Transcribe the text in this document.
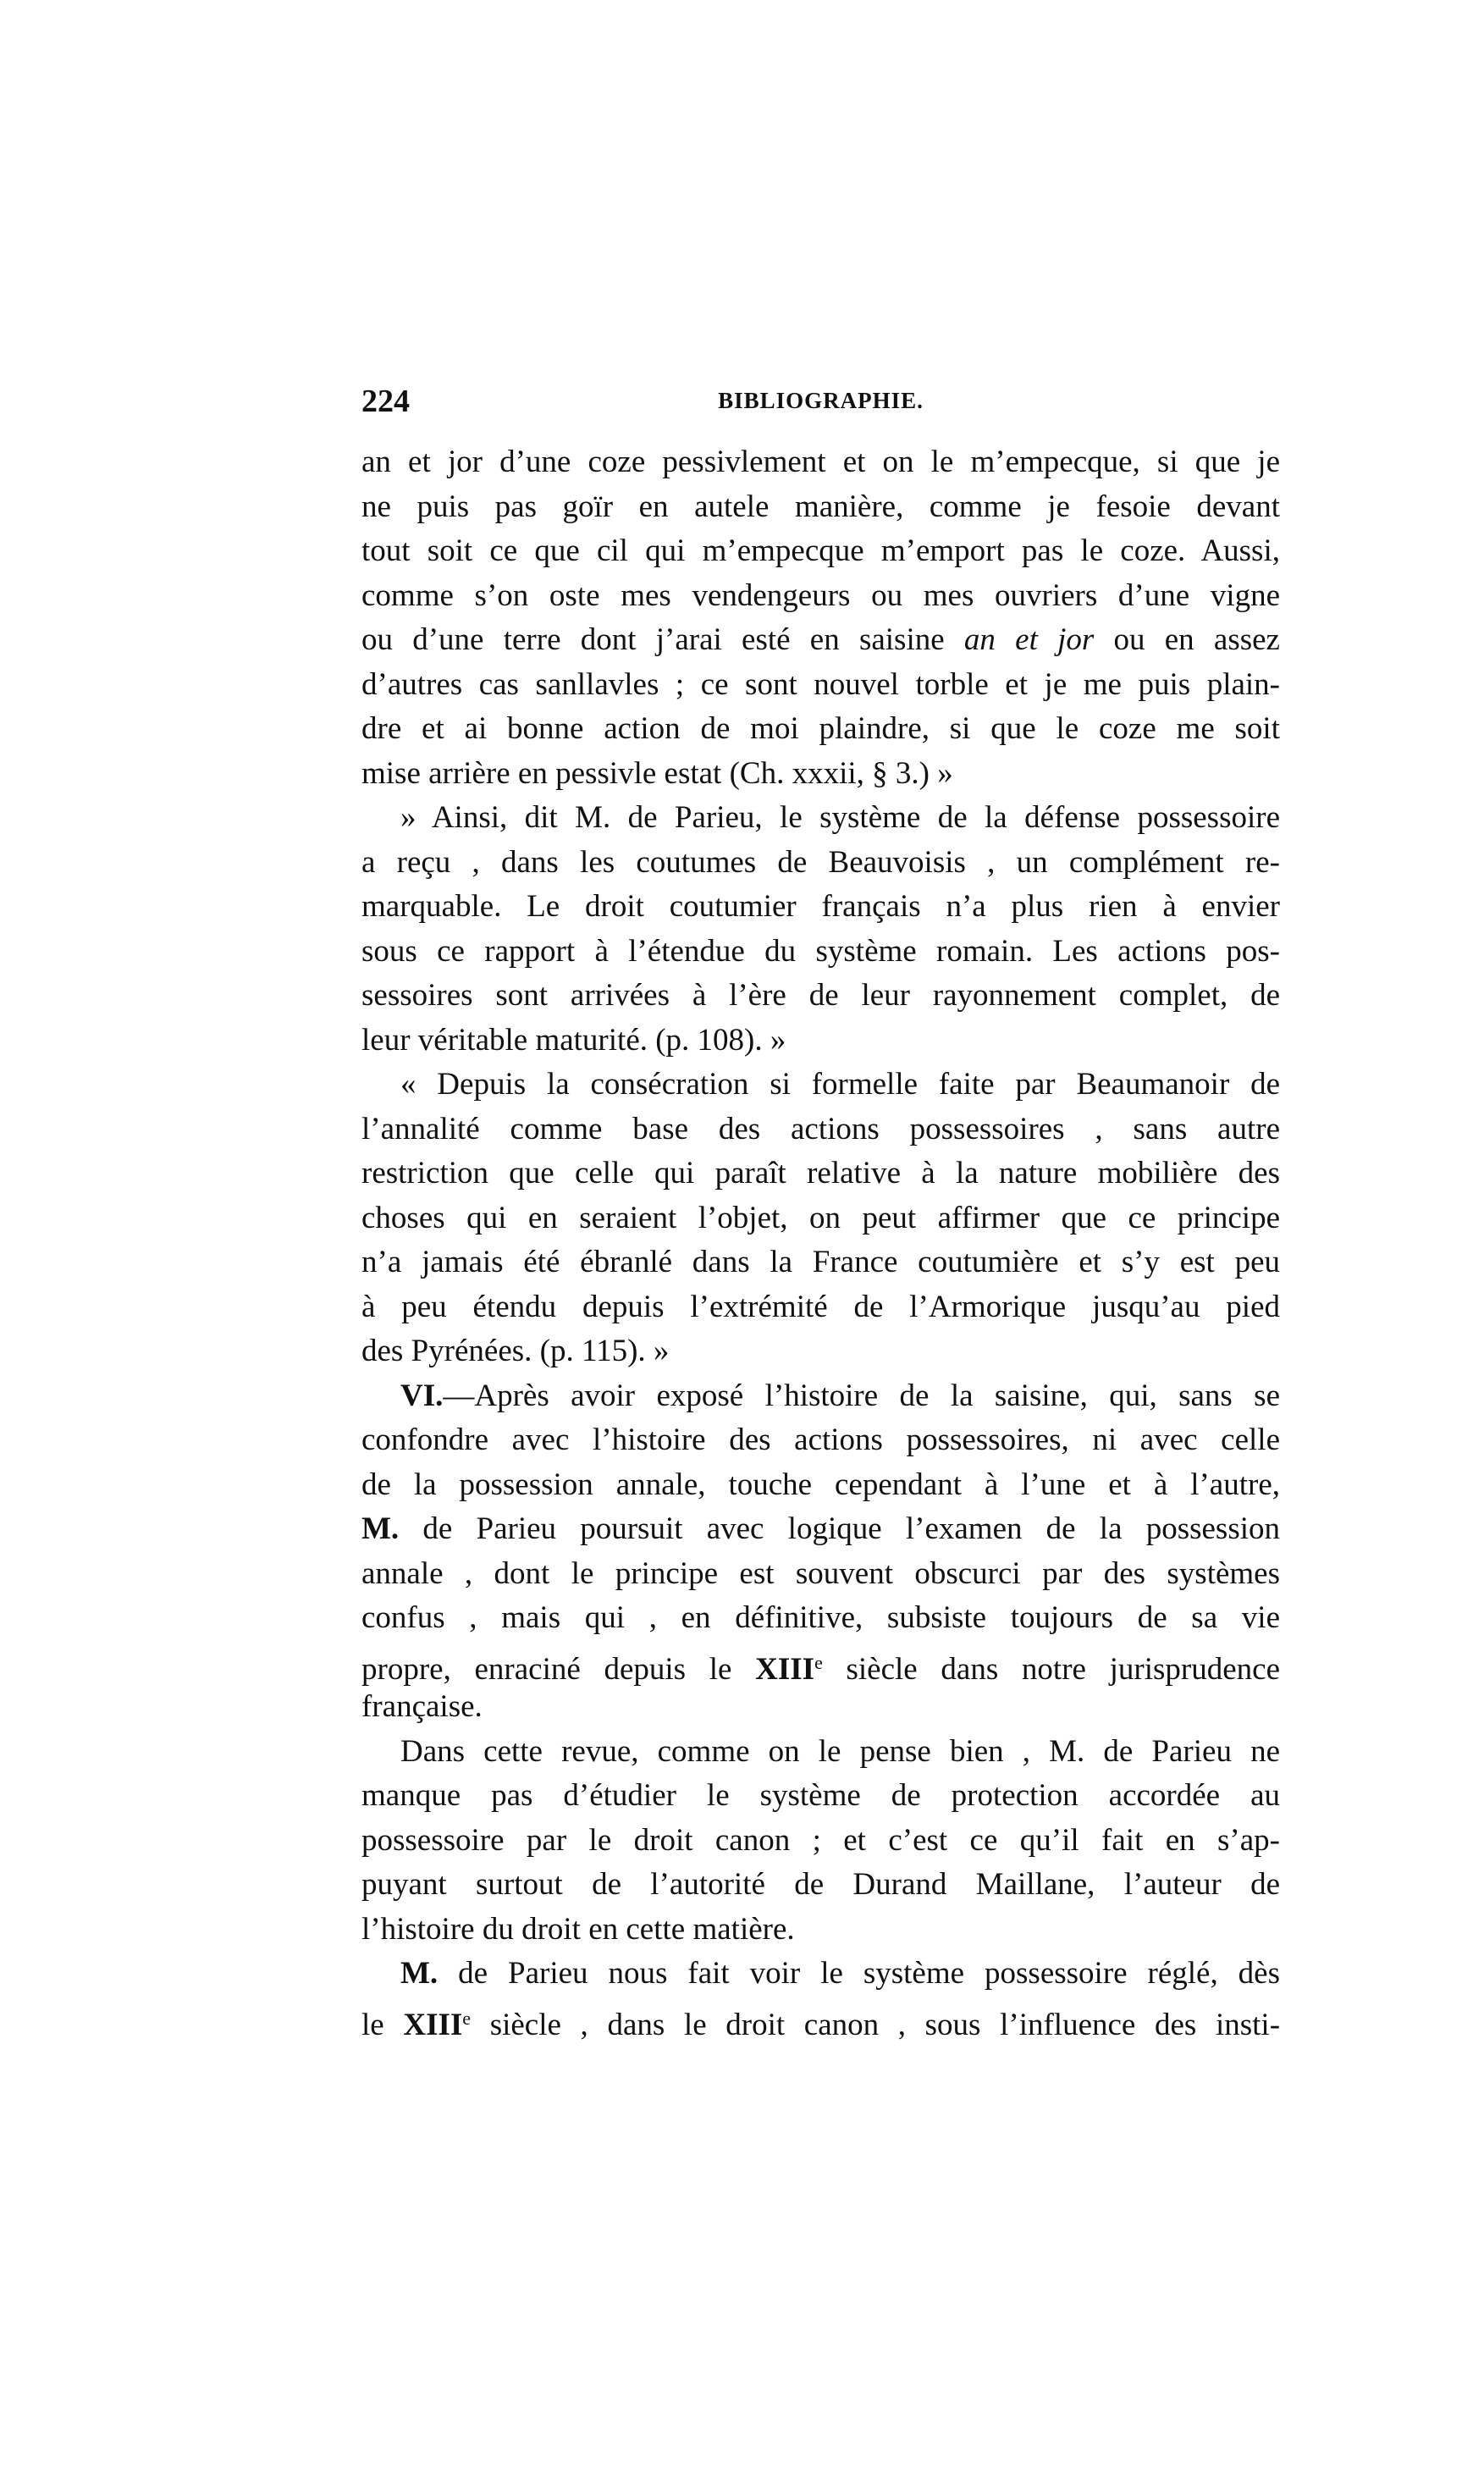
224	BIBLIOGRAPHIE.
an et jor d’une coze pessivlement et on le m’empecque, si que je
ne puis pas goïr en autele manière, comme je fesoie devant
tout soit ce que cil qui m’empecque m’emport pas le coze. Aussi,
comme s’on oste mes vendengeurs ou mes ouvriers d’une vigne
ou d’une terre dont j’arai esté en saisine an et jor ou en assez
d’autres cas sanllavles ; ce sont nouvel torble et je me puis plain-
dre et ai bonne action de moi plaindre, si que le coze me soit
mise arrière en pessivle estat (Ch. xxxii, § 3.) »
» Ainsi, dit M. de Parieu, le système de la défense possessoire
a reçu , dans les coutumes de Beauvoisis , un complément re-
marquable. Le droit coutumier français n’a plus rien à envier
sous ce rapport à l’étendue du système romain. Les actions pos-
sessoires sont arrivées à l’ère de leur rayonnement complet, de
leur véritable maturité. (p. 108). »
« Depuis la consécration si formelle faite par Beaumanoir de
l’annalité comme base des actions possessoires , sans autre
restriction que celle qui paraît relative à la nature mobilière des
choses qui en seraient l’objet, on peut affirmer que ce principe
n’a jamais été ébranlé dans la France coutumière et s’y est peu
à peu étendu depuis l’extrémité de l’Armorique jusqu’au pied
des Pyrénées. (p. 115). »
VI.—Après avoir exposé l’histoire de la saisine, qui, sans se
confondre avec l’histoire des actions possessoires, ni avec celle
de la possession annale, touche cependant à l’une et à l’autre,
M. de Parieu poursuit avec logique l’examen de la possession
annale , dont le principe est souvent obscurci par des systèmes
confus , mais qui , en définitive, subsiste toujours de sa vie
propre, enraciné depuis le XIIIe siècle dans notre jurisprudence
française.
Dans cette revue, comme on le pense bien , M. de Parieu ne
manque pas d’étudier le système de protection accordée au
possessoire par le droit canon ; et c’est ce qu’il fait en s’ap-
puyant surtout de l’autorité de Durand Maillane, l’auteur de
l’histoire du droit en cette matière.
M. de Parieu nous fait voir le système possessoire réglé, dès
le XIIIe siècle , dans le droit canon , sous l’influence des insti-
